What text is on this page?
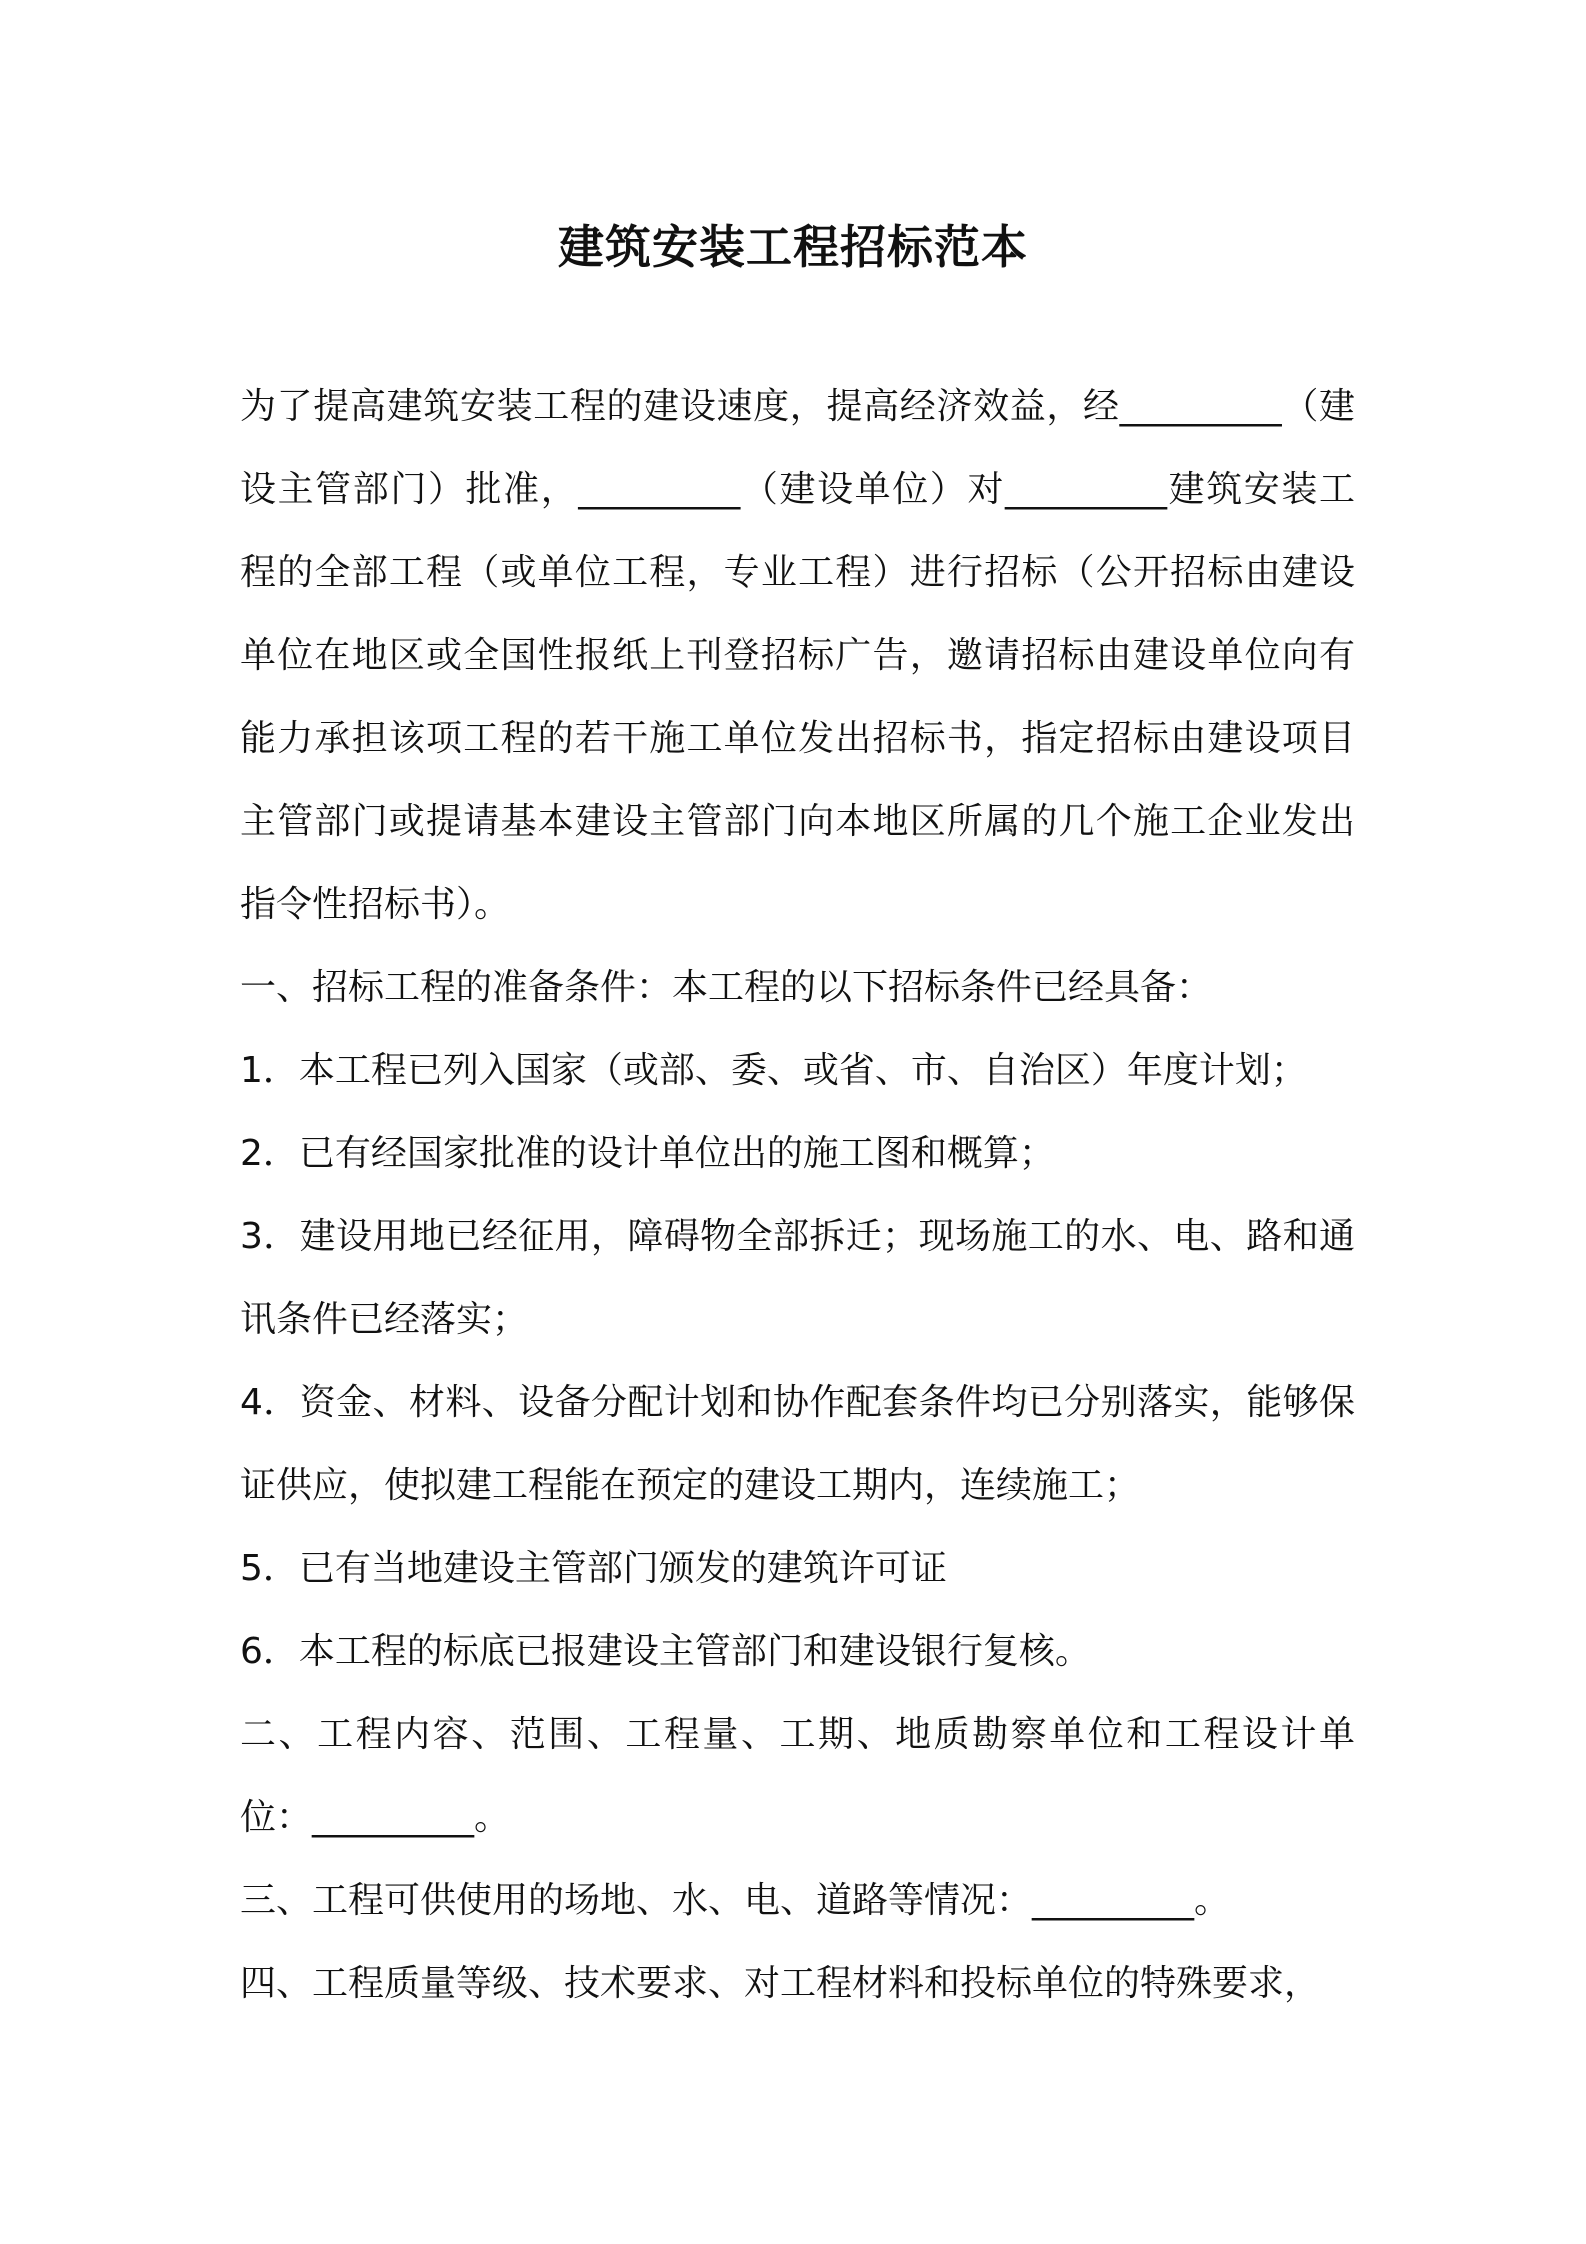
建筑安装工程招标范本

为了提高建筑安装工程的建设速度，提高经济效益，经_________（建设主管部门）批准，_________（建设单位）对_________建筑安装工程的全部工程（或单位工程，专业工程）进行招标（公开招标由建设单位在地区或全国性报纸上刊登招标广告，邀请招标由建设单位向有能力承担该项工程的若干施工单位发出招标书，指定招标由建设项目主管部门或提请基本建设主管部门向本地区所属的几个施工企业发出指令性招标书）。

一、招标工程的准备条件：本工程的以下招标条件已经具备：

1．本工程已列入国家（或部、委、或省、市、自治区）年度计划；

2．已有经国家批准的设计单位出的施工图和概算；

3．建设用地已经征用，障碍物全部拆迁；现场施工的水、电、路和通讯条件已经落实；

4．资金、材料、设备分配计划和协作配套条件均已分别落实，能够保证供应，使拟建工程能在预定的建设工期内，连续施工；

5．已有当地建设主管部门颁发的建筑许可证

6．本工程的标底已报建设主管部门和建设银行复核。

二、工程内容、范围、工程量、工期、地质勘察单位和工程设计单位：_________。

三、工程可供使用的场地、水、电、道路等情况：_________。

四、工程质量等级、技术要求、对工程材料和投标单位的特殊要求，
